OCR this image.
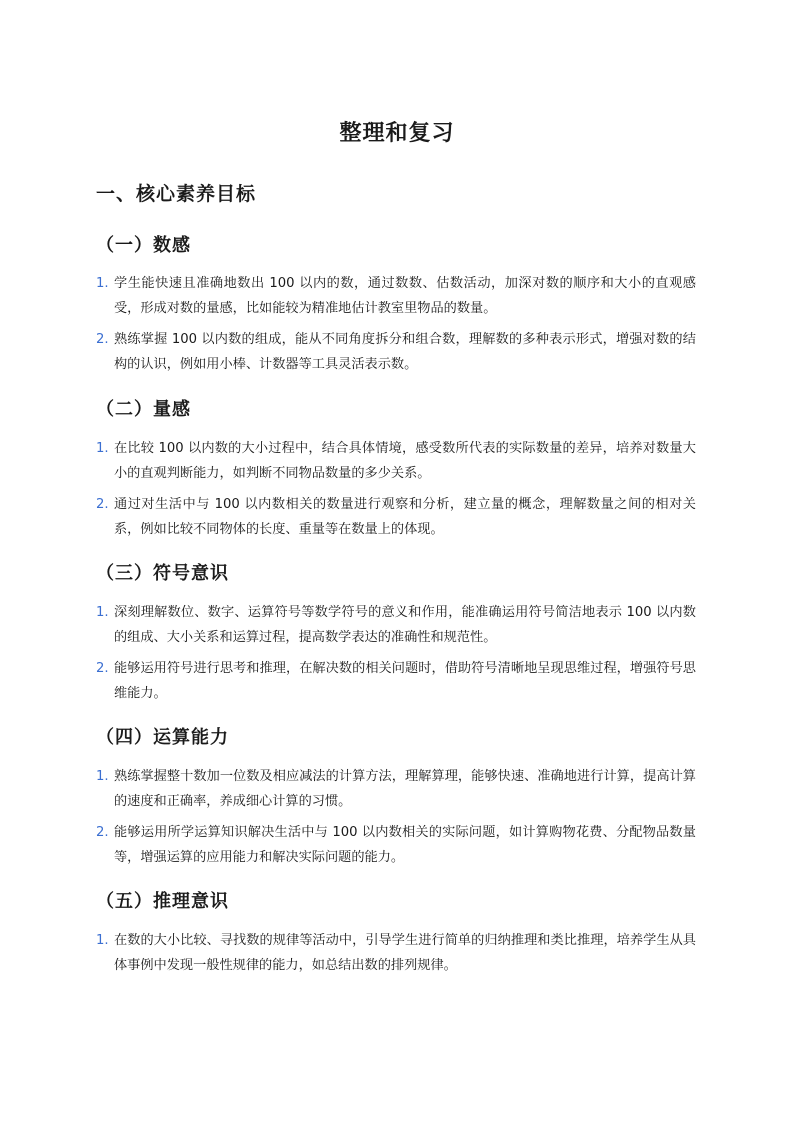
整理和复习
一、核心素养目标
（一）数感
1. 学生能快速且准确地数出 100 以内的数，通过数数、估数活动，加深对数的顺序和大小的直观感受，形成对数的量感，比如能较为精准地估计教室里物品的数量。
2. 熟练掌握 100 以内数的组成，能从不同角度拆分和组合数，理解数的多种表示形式，增强对数的结构的认识，例如用小棒、计数器等工具灵活表示数。
（二）量感
1. 在比较 100 以内数的大小过程中，结合具体情境，感受数所代表的实际数量的差异，培养对数量大小的直观判断能力，如判断不同物品数量的多少关系。
2. 通过对生活中与 100 以内数相关的数量进行观察和分析，建立量的概念，理解数量之间的相对关系，例如比较不同物体的长度、重量等在数量上的体现。
（三）符号意识
1. 深刻理解数位、数字、运算符号等数学符号的意义和作用，能准确运用符号简洁地表示 100 以内数的组成、大小关系和运算过程，提高数学表达的准确性和规范性。
2. 能够运用符号进行思考和推理，在解决数的相关问题时，借助符号清晰地呈现思维过程，增强符号思维能力。
（四）运算能力
1. 熟练掌握整十数加一位数及相应减法的计算方法，理解算理，能够快速、准确地进行计算，提高计算的速度和正确率，养成细心计算的习惯。
2. 能够运用所学运算知识解决生活中与 100 以内数相关的实际问题，如计算购物花费、分配物品数量等，增强运算的应用能力和解决实际问题的能力。
（五）推理意识
1. 在数的大小比较、寻找数的规律等活动中，引导学生进行简单的归纳推理和类比推理，培养学生从具体事例中发现一般性规律的能力，如总结出数的排列规律。
